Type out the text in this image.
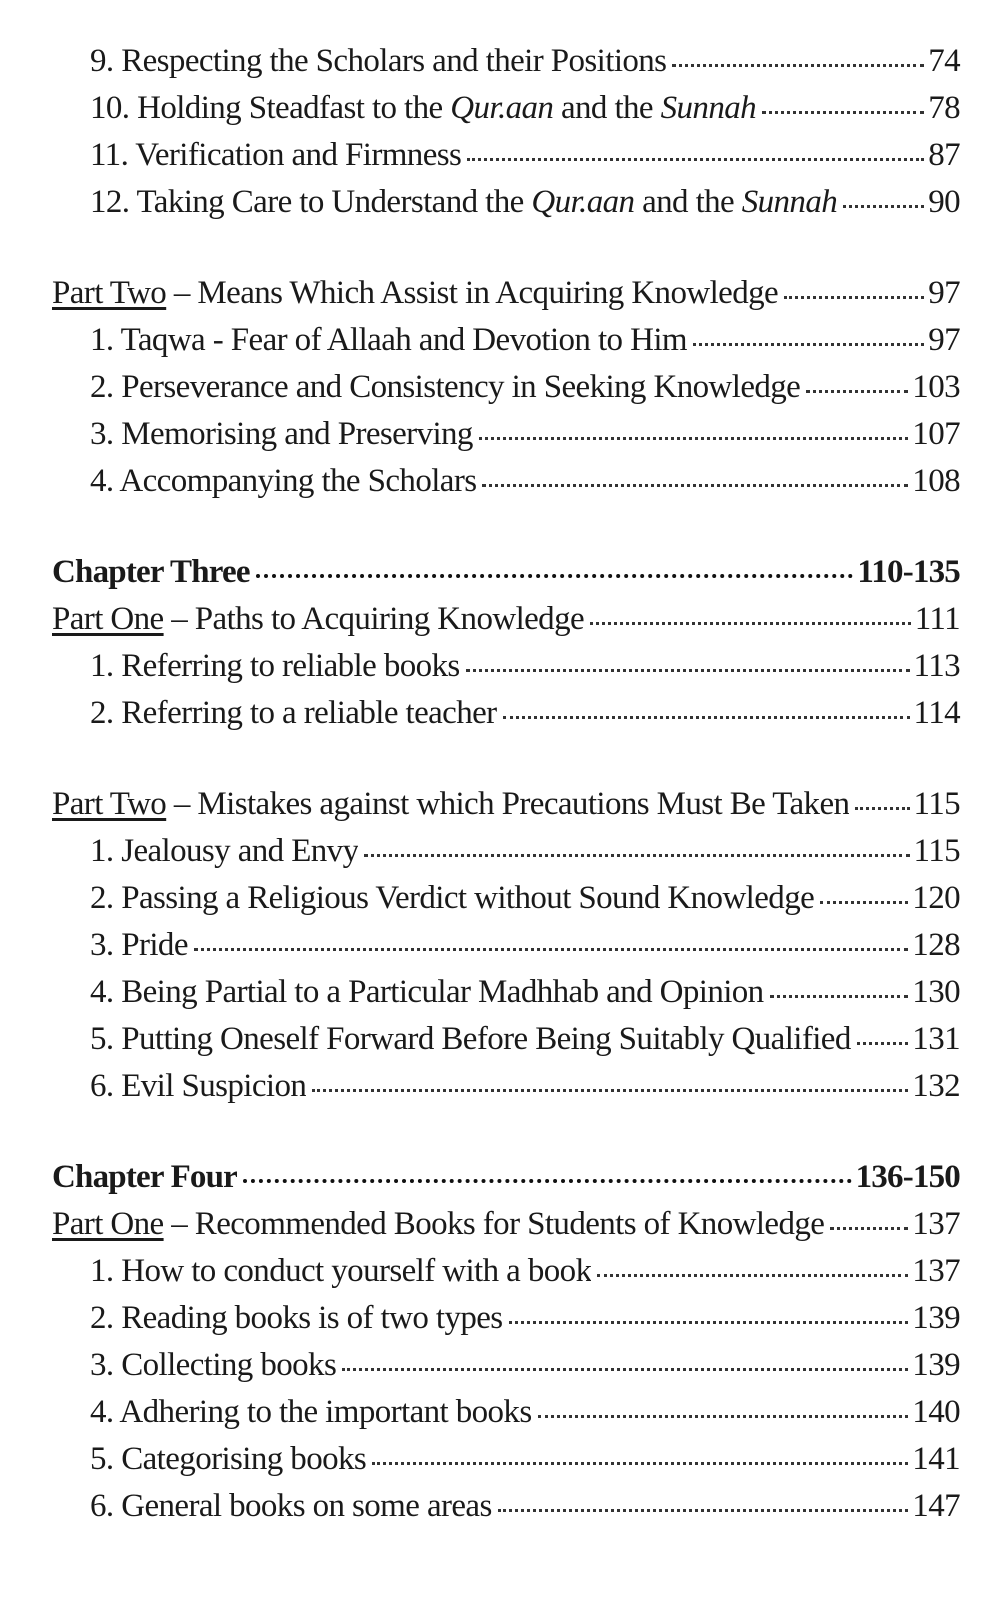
9. Respecting the Scholars and their Positions	74
10. Holding Steadfast to the Qur.aan and the Sunnah	78
11. Verification and Firmness	87
12. Taking Care to Understand the Qur.aan and the Sunnah	90
Part Two – Means Which Assist in Acquiring Knowledge	97
1. Taqwa - Fear of Allaah and Devotion to Him	97
2. Perseverance and Consistency in Seeking Knowledge	103
3. Memorising and Preserving	107
4. Accompanying the Scholars	108
Chapter Three	110-135
Part One – Paths to Acquiring Knowledge	111
1. Referring to reliable books	113
2. Referring to a reliable teacher	114
Part Two – Mistakes against which Precautions Must Be Taken 115
1. Jealousy and Envy	115
2. Passing a Religious Verdict without Sound Knowledge	120
3. Pride	128
4. Being Partial to a Particular Madhhab and Opinion	130
5. Putting Oneself Forward Before Being Suitably Qualified 131
6. Evil Suspicion	132
Chapter Four	136-150
Part One – Recommended Books for Students of Knowledge	137
1. How to conduct yourself with a book	137
2. Reading books is of two types	139
3. Collecting books	139
4. Adhering to the important books	140
5. Categorising books	141
6. General books on some areas	147
